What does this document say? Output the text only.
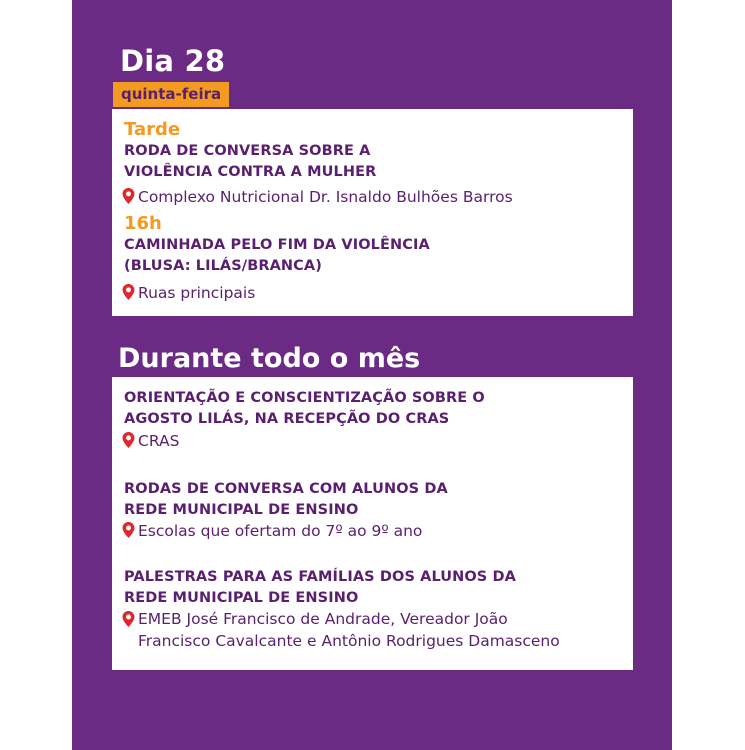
Dia 28
quinta-feira
Tarde
RODA DE CONVERSA SOBRE A
VIOLÊNCIA CONTRA A MULHER
Complexo Nutricional Dr. Isnaldo Bulhões Barros
16h
CAMINHADA PELO FIM DA VIOLÊNCIA
(BLUSA: LILÁS/BRANCA)
Ruas principais
Durante todo o mês
ORIENTAÇÃO E CONSCIENTIZAÇÃO SOBRE O
AGOSTO LILÁS, NA RECEPÇÃO DO CRAS
CRAS
RODAS DE CONVERSA COM ALUNOS DA
REDE MUNICIPAL DE ENSINO
Escolas que ofertam do 7º ao 9º ano
PALESTRAS PARA AS FAMÍLIAS DOS ALUNOS DA
REDE MUNICIPAL DE ENSINO
EMEB José Francisco de Andrade, Vereador João
Francisco Cavalcante e Antônio Rodrigues Damasceno
